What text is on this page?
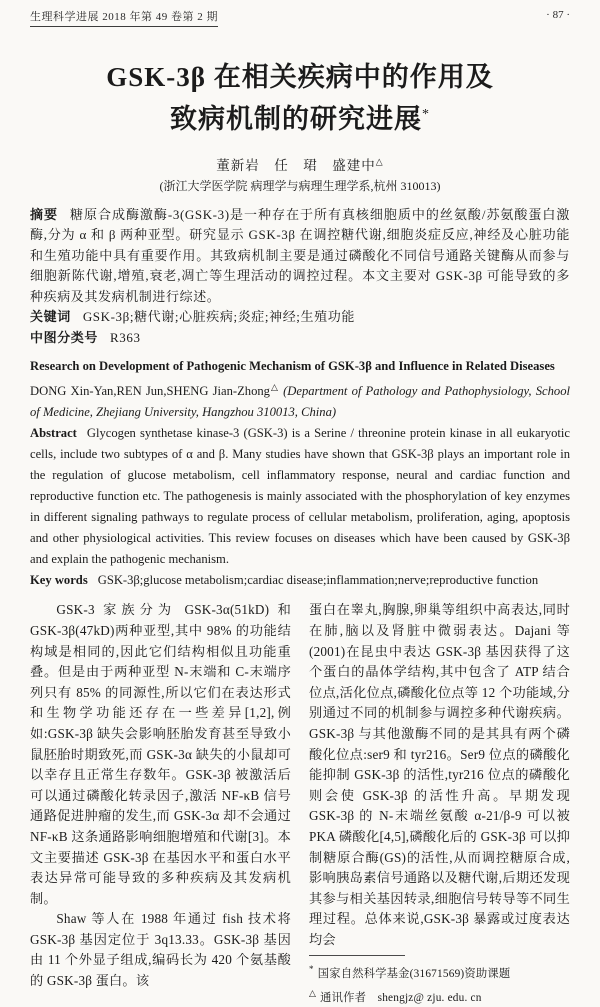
生理科学进展 2018 年第 49 卷第 2 期	· 87 ·
GSK-3β 在相关疾病中的作用及
致病机制的研究进展*
董新岩　任　珺　盛建中△
(浙江大学医学院 病理学与病理生理学系,杭州 310013)

摘要 糖原合成酶激酶-3(GSK-3)是一种存在于所有真核细胞质中的丝氨酸/苏氨酸蛋白激酶,分为 α 和 β 两种亚型。研究显示 GSK-3β 在调控糖代谢,细胞炎症反应,神经及心脏功能和生殖功能中具有重要作用。其致病机制主要是通过磷酸化不同信号通路关键酶从而参与细胞新陈代谢,增殖,衰老,凋亡等生理活动的调控过程。本文主要对 GSK-3β 可能导致的多种疾病及其发病机制进行综述。

关键词 GSK-3β;糖代谢;心脏疾病;炎症;神经;生殖功能

中图分类号 R363

Research on Development of Pathogenic Mechanism of GSK-3β and Influence in Related Diseases

DONG Xin-Yan,REN Jun,SHENG Jian-Zhong△ (Department of Pathology and Pathophysiology, School of Medicine, Zhejiang University, Hangzhou 310013, China)

Abstract Glycogen synthetase kinase-3 (GSK-3) is a Serine / threonine protein kinase in all eukaryotic cells, include two subtypes of α and β. Many studies have shown that GSK-3β plays an important role in the regulation of glucose metabolism, cell inflammatory response, neural and cardiac function and reproductive function etc. The pathogenesis is mainly associated with the phosphorylation of key enzymes in different signaling pathways to regulate process of cellular metabolism, proliferation, aging, apoptosis and other physiological activities. This review focuses on diseases which have been caused by GSK-3β and explain the pathogenic mechanism.

Key words GSK-3β;glucose metabolism;cardiac disease;inflammation;nerve;reproductive function

GSK-3 家族分为 GSK-3α(51kD) 和 GSK-3β(47kD)两种亚型,其中 98% 的功能结构域是相同的,因此它们结构相似且功能重叠。但是由于两种亚型 N-末端和 C-末端序列只有 85% 的同源性,所以它们在表达形式和生物学功能还存在一些差异[1,2],例如:GSK-3β 缺失会影响胚胎发育甚至导致小鼠胚胎时期致死,而 GSK-3α 缺失的小鼠却可以幸存且正常生存数年。GSK-3β 被激活后可以通过磷酸化转录因子,激活 NF-κB 信号通路促进肿瘤的发生,而 GSK-3α 却不会通过 NF-κB 这条通路影响细胞增殖和代谢[3]。本文主要描述 GSK-3β 在基因水平和蛋白水平表达异常可能导致的多种疾病及其发病机制。

Shaw 等人在 1988 年通过 fish 技术将 GSK-3β 基因定位于 3q13.33。GSK-3β 基因由 11 个外显子组成,编码长为 420 个氨基酸的 GSK-3β 蛋白。该

蛋白在睾丸,胸腺,卵巢等组织中高表达,同时在肺,脑以及肾脏中微弱表达。Dajani 等(2001)在昆虫中表达 GSK-3β 基因获得了这个蛋白的晶体学结构,其中包含了 ATP 结合位点,活化位点,磷酸化位点等 12 个功能域,分别通过不同的机制参与调控多种代谢疾病。GSK-3β 与其他激酶不同的是其具有两个磷酸化位点:ser9 和 tyr216。Ser9 位点的磷酸化能抑制 GSK-3β 的活性,tyr216 位点的磷酸化则会使 GSK-3β 的活性升高。早期发现 GSK-3β 的 N-末端丝氨酸 α-21/β-9 可以被 PKA 磷酸化[4,5],磷酸化后的 GSK-3β 可以抑制糖原合酶(GS)的活性,从而调控糖原合成,影响胰岛素信号通路以及糖代谢,后期还发现其参与相关基因转录,细胞信号转导等不同生理过程。总体来说,GSK-3β 暴露或过度表达均会

* 国家自然科学基金(31671569)资助课题
△ 通讯作者　shengjz@ zju. edu. cn
